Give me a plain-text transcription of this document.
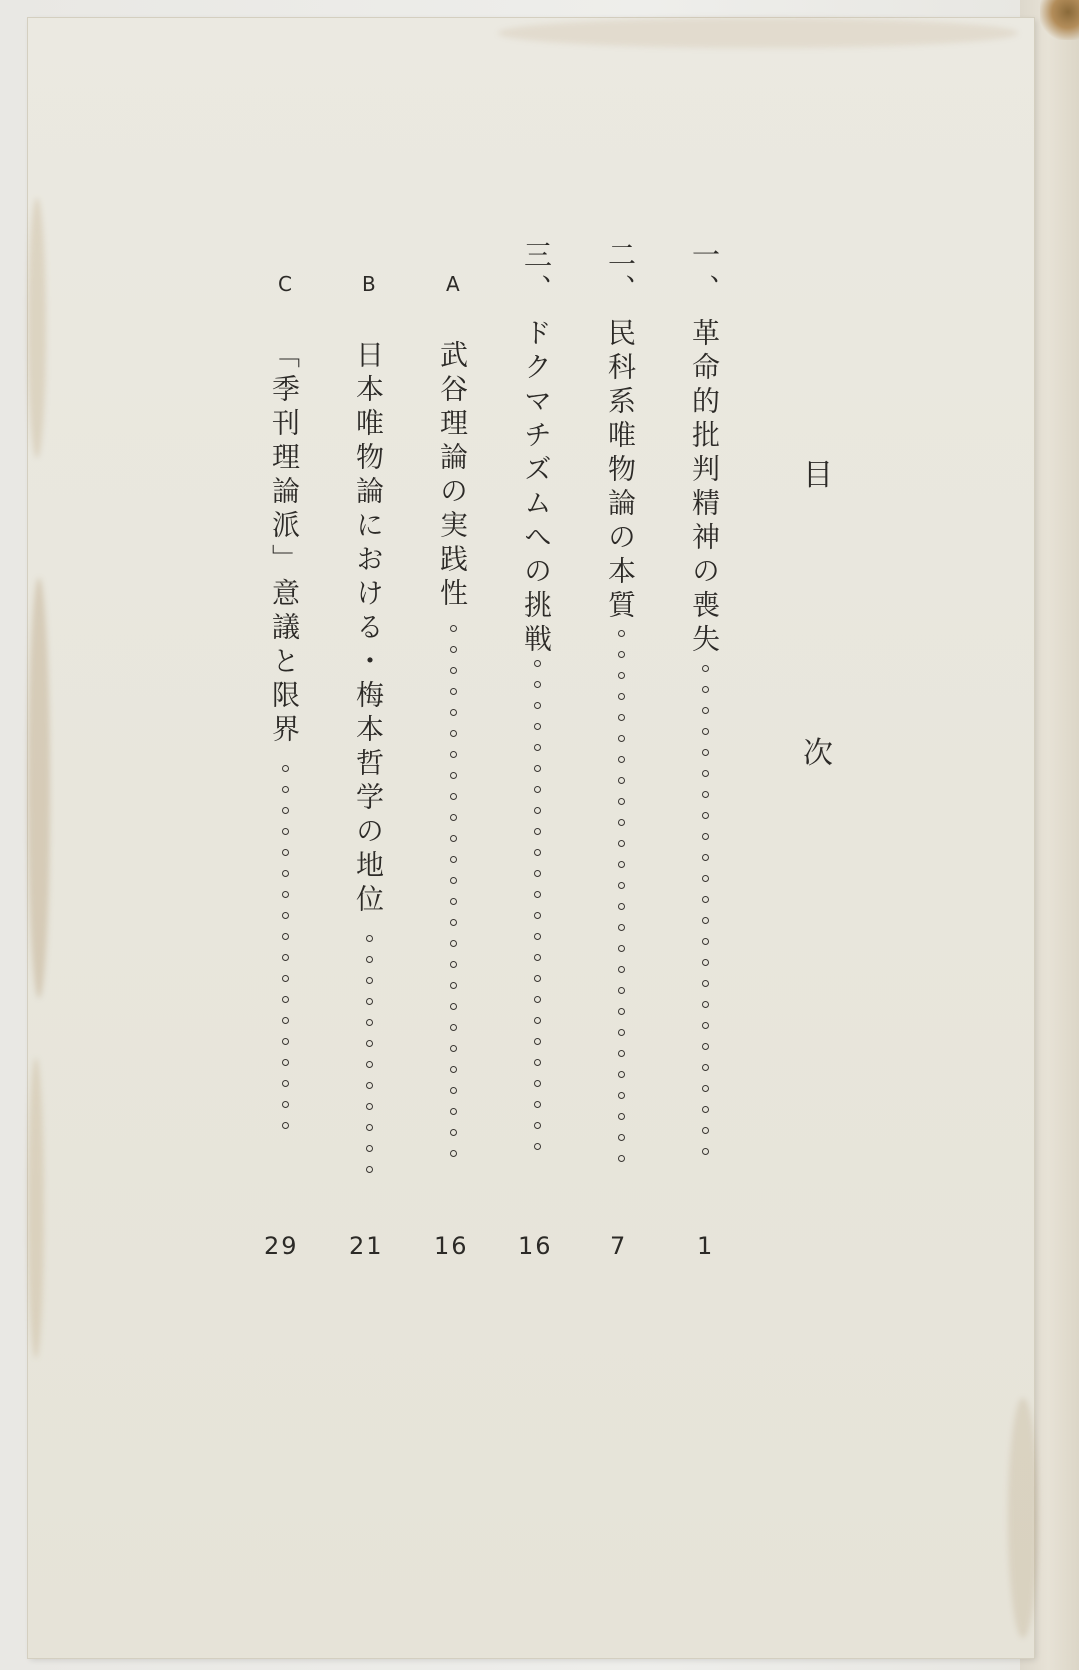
目
次
一、
革命的批判精神の喪失
1
二、
民科系唯物論の本質
7
三、
ドクマチズムへの挑戦
16
A
武谷理論の実践性
16
B
日本唯物論における・梅本哲学の地位
21
C
「季刊理論派」意議と限界
29
